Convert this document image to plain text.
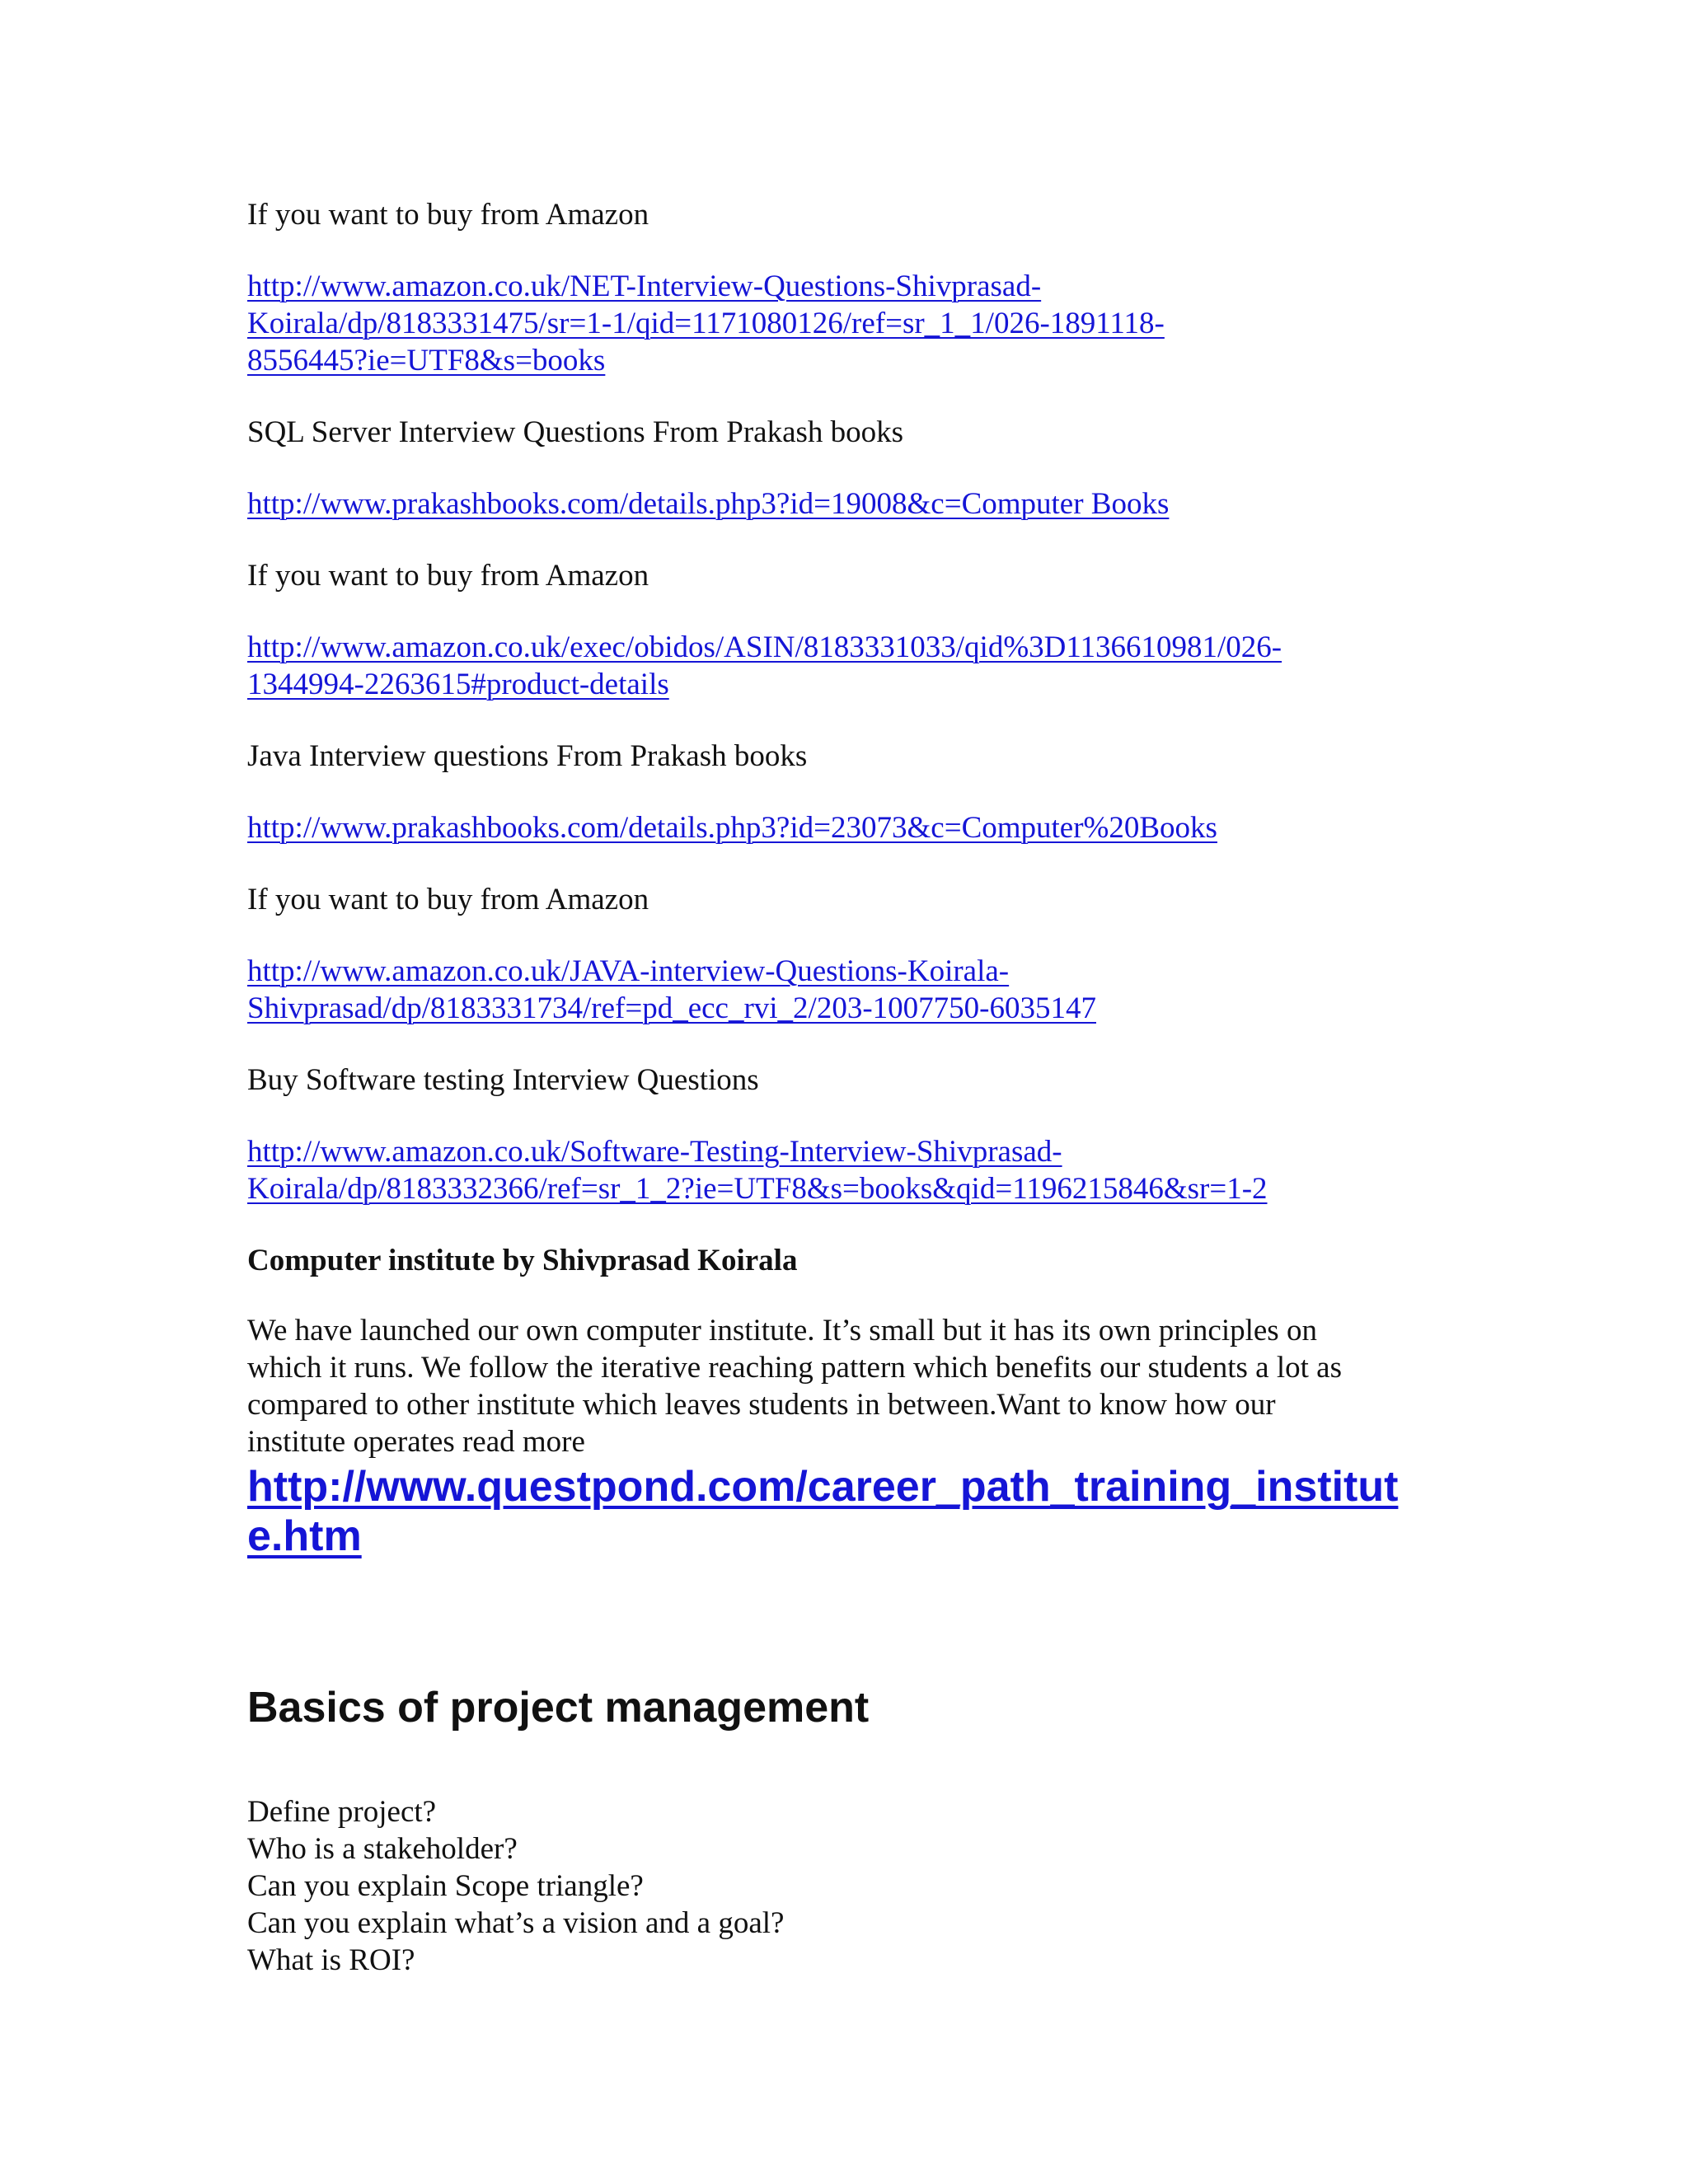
If you want to buy from Amazon
http://www.amazon.co.uk/NET-Interview-Questions-Shivprasad-
Koirala/dp/8183331475/sr=1-1/qid=1171080126/ref=sr_1_1/026-1891118-
8556445?ie=UTF8&s=books
SQL Server Interview Questions From Prakash books
http://www.prakashbooks.com/details.php3?id=19008&c=Computer Books
If you want to buy from Amazon
http://www.amazon.co.uk/exec/obidos/ASIN/8183331033/qid%3D1136610981/026-
1344994-2263615#product-details
Java Interview questions From Prakash books
http://www.prakashbooks.com/details.php3?id=23073&c=Computer%20Books
If you want to buy from Amazon
http://www.amazon.co.uk/JAVA-interview-Questions-Koirala-
Shivprasad/dp/8183331734/ref=pd_ecc_rvi_2/203-1007750-6035147
Buy Software testing Interview Questions
http://www.amazon.co.uk/Software-Testing-Interview-Shivprasad-
Koirala/dp/8183332366/ref=sr_1_2?ie=UTF8&s=books&qid=1196215846&sr=1-2
Computer institute by Shivprasad Koirala
We have launched our own computer institute. It’s small but it has its own principles on
which it runs. We follow the iterative reaching pattern which benefits our students a lot as
compared to other institute which leaves students in between.Want to know how our
institute operates read more
http://www.questpond.com/career_path_training_institut
e.htm
Basics of project management
Define project?
Who is a stakeholder?
Can you explain Scope triangle?
Can you explain what’s a vision and a goal?
What is ROI?
